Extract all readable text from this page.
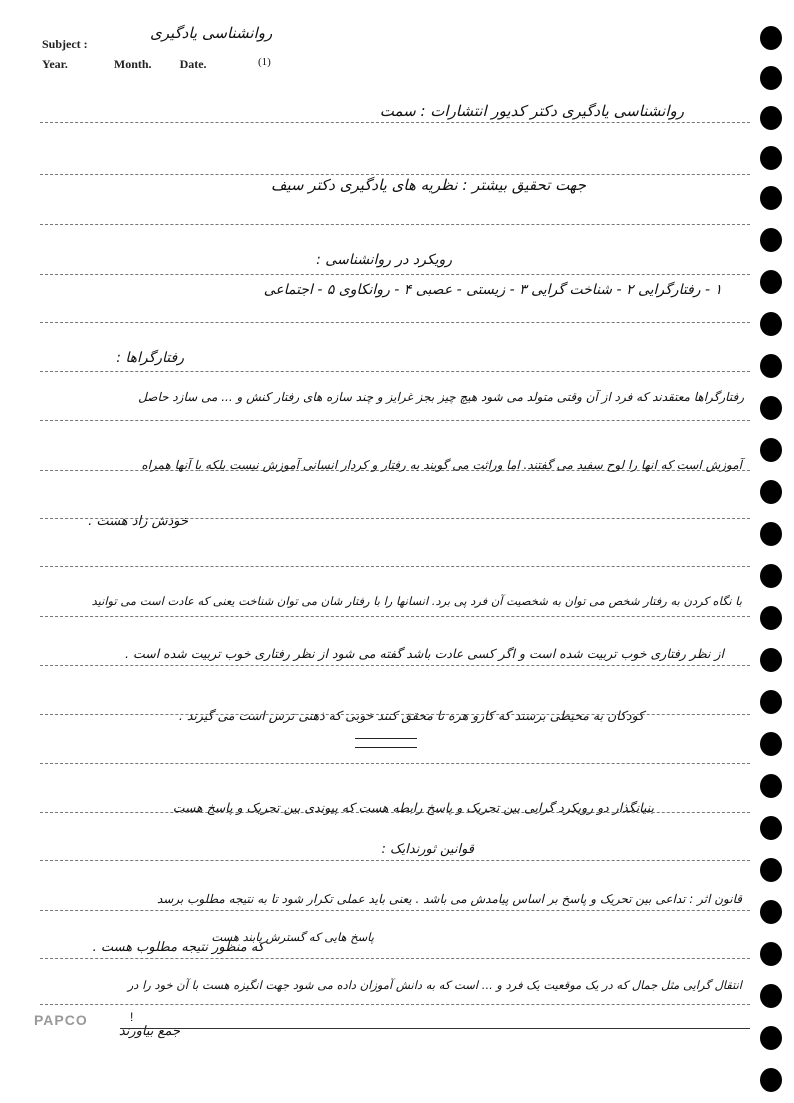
Subject :
Year.	Month. Date.
روانشناسی یادگیری
(1)
روانشناسی یادگیری دکتر کدیور انتشارات : سمت
جهت تحقیق بیشتر : نظریه های یادگیری دکتر سیف
رویکرد در روانشناسی :
۱ - رفتارگرایی ۲ - شناخت گرایی ۳ - زیستی - عصبی ۴ - روانکاوی ۵ - اجتماعی
رفتارگراها :
رفتارگراها معتقدند که فرد از آن وقتی متولد می شود هیچ چیز بجز غرایز و چند سازه های رفتار کنش و ... می سازد حاصل
آموزش است که انها را لوح سفید می گفتند. اما وراثت می گویند به رفتار و کردار انسانی آموزش نیست بلکه با آنها همراه
خودش زاد هست .
با نگاه کردن به رفتار شخص می توان به شخصیت آن فرد پی برد. انسانها را با رفتار شان می توان شناخت یعنی که عادت است می توانید
از نظر رفتاری خوب تربیت شده است و اگر کسی عادت باشد گفته می شود از نظر رفتاری خوب تربیت شده است .
کودکان به محیطی برسند که کارو هره تا محقق کنند خوبی که ذهنی ترس است می گیرند .
بنیانگذار دو رویکرد گرایی بین تحریک و پاسخ رابطه هست که پیوندی بین تحریک و پاسخ هست
قوانین ثورندایک :
قانون اثر : تداعی بین تحریک و پاسخ بر اساس پیامدش می باشد . یعنی باید عملی تکرار شود تا به نتیجه مطلوب برسد
پاسخ هایی که گسترش یابند هست
که منظور نتیجه مطلوب هست .
انتقال گرایی مثل جمال که در یک موقعیت یک فرد و ... است که به دانش آموزان داده می شود جهت انگیزه هست با آن خود را در
جمع بیاورند
PAPCO	!
